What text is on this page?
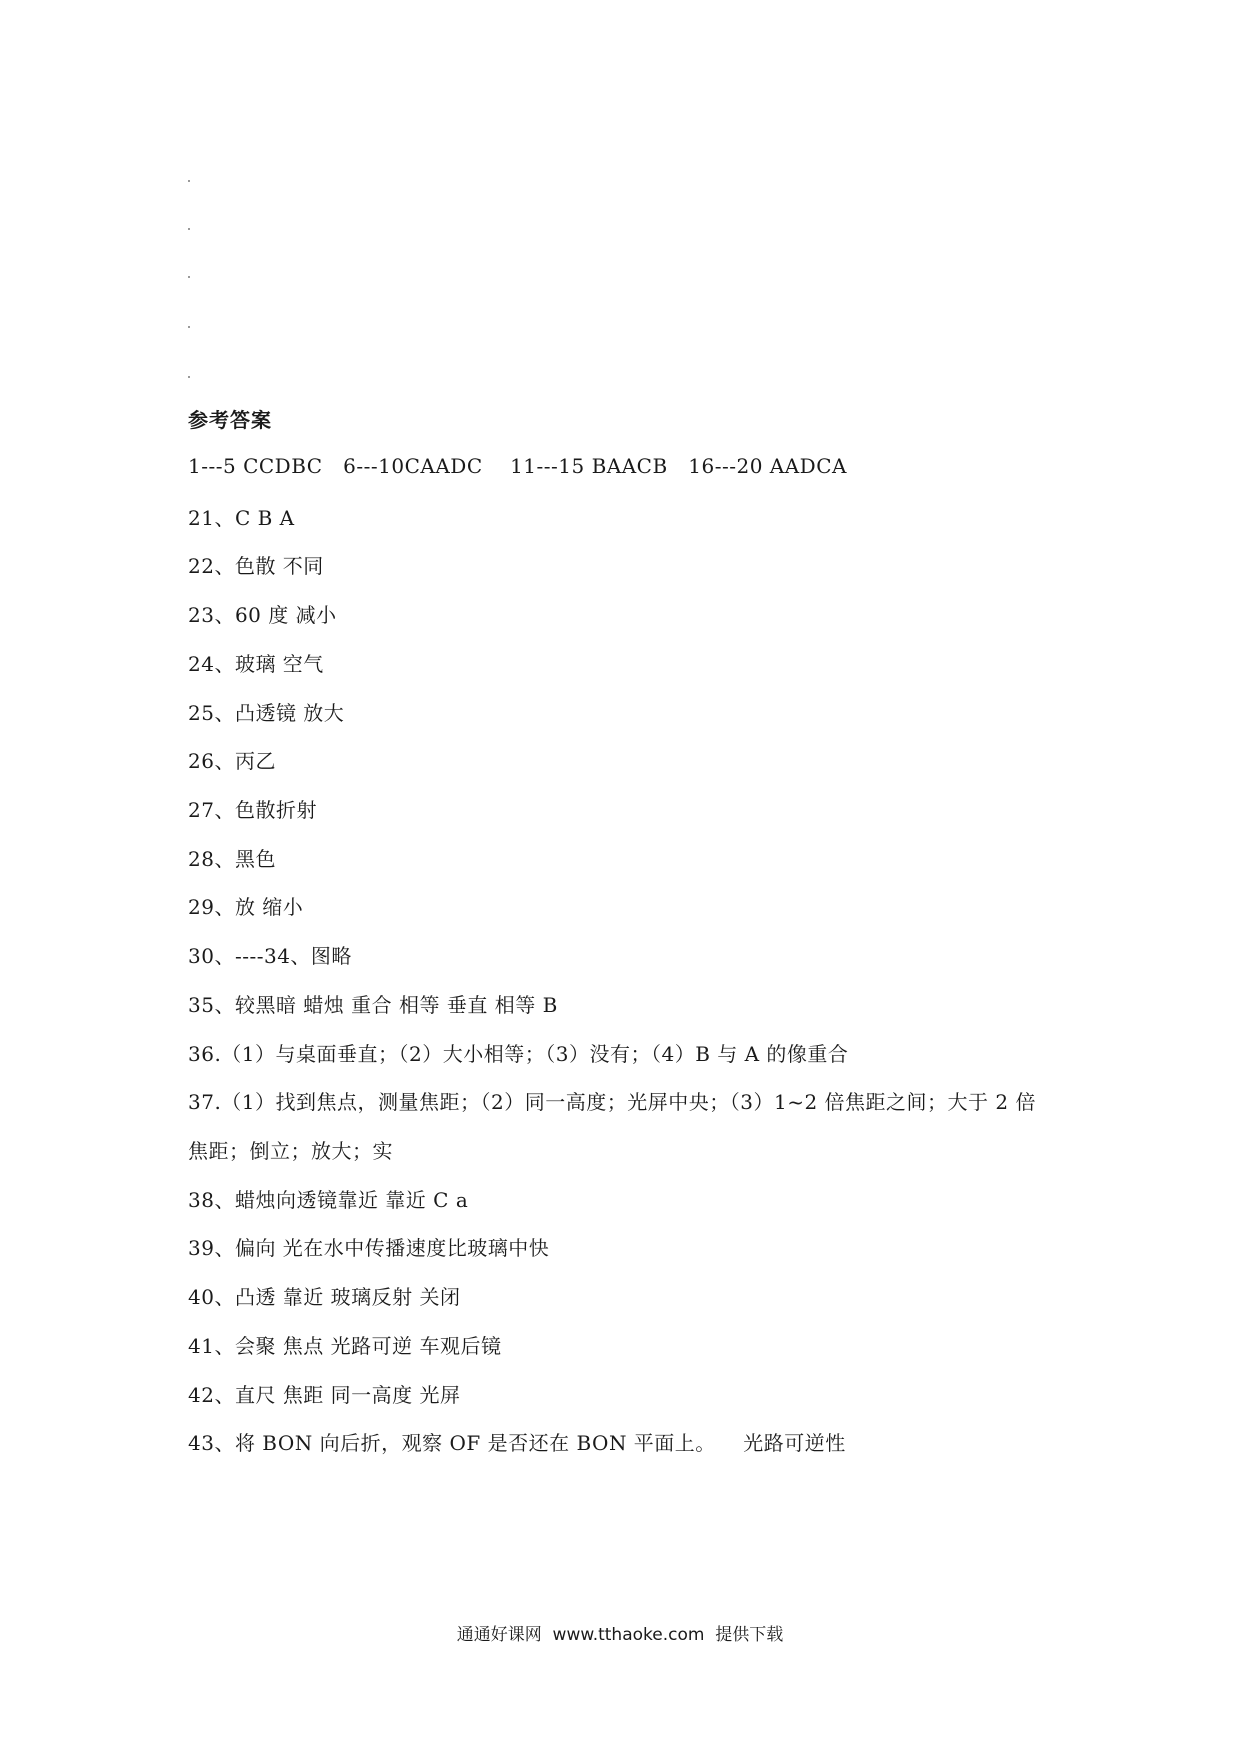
参考答案
1---5 CCDBC   6---10CAADC    11---15 BAACB   16---20 AADCA
21、C B A
22、色散 不同
23、60 度 减小
24、玻璃 空气
25、凸透镜 放大
26、丙乙
27、色散折射
28、黑色
29、放 缩小
30、----34、图略
35、较黑暗 蜡烛 重合 相等 垂直 相等 B
36.（1）与桌面垂直；（2）大小相等；（3）没有；（4）B 与 A 的像重合
37.（1）找到焦点，测量焦距；（2）同一高度；光屏中央；（3）1~2 倍焦距之间；大于 2 倍
焦距；倒立；放大；实
38、蜡烛向透镜靠近 靠近 C a
39、偏向 光在水中传播速度比玻璃中快
40、凸透 靠近 玻璃反射 关闭
41、会聚 焦点 光路可逆 车观后镜
42、直尺 焦距 同一高度 光屏
43、将 BON 向后折，观察 OF 是否还在 BON 平面上。    光路可逆性
通通好课网  www.tthaoke.com  提供下载
